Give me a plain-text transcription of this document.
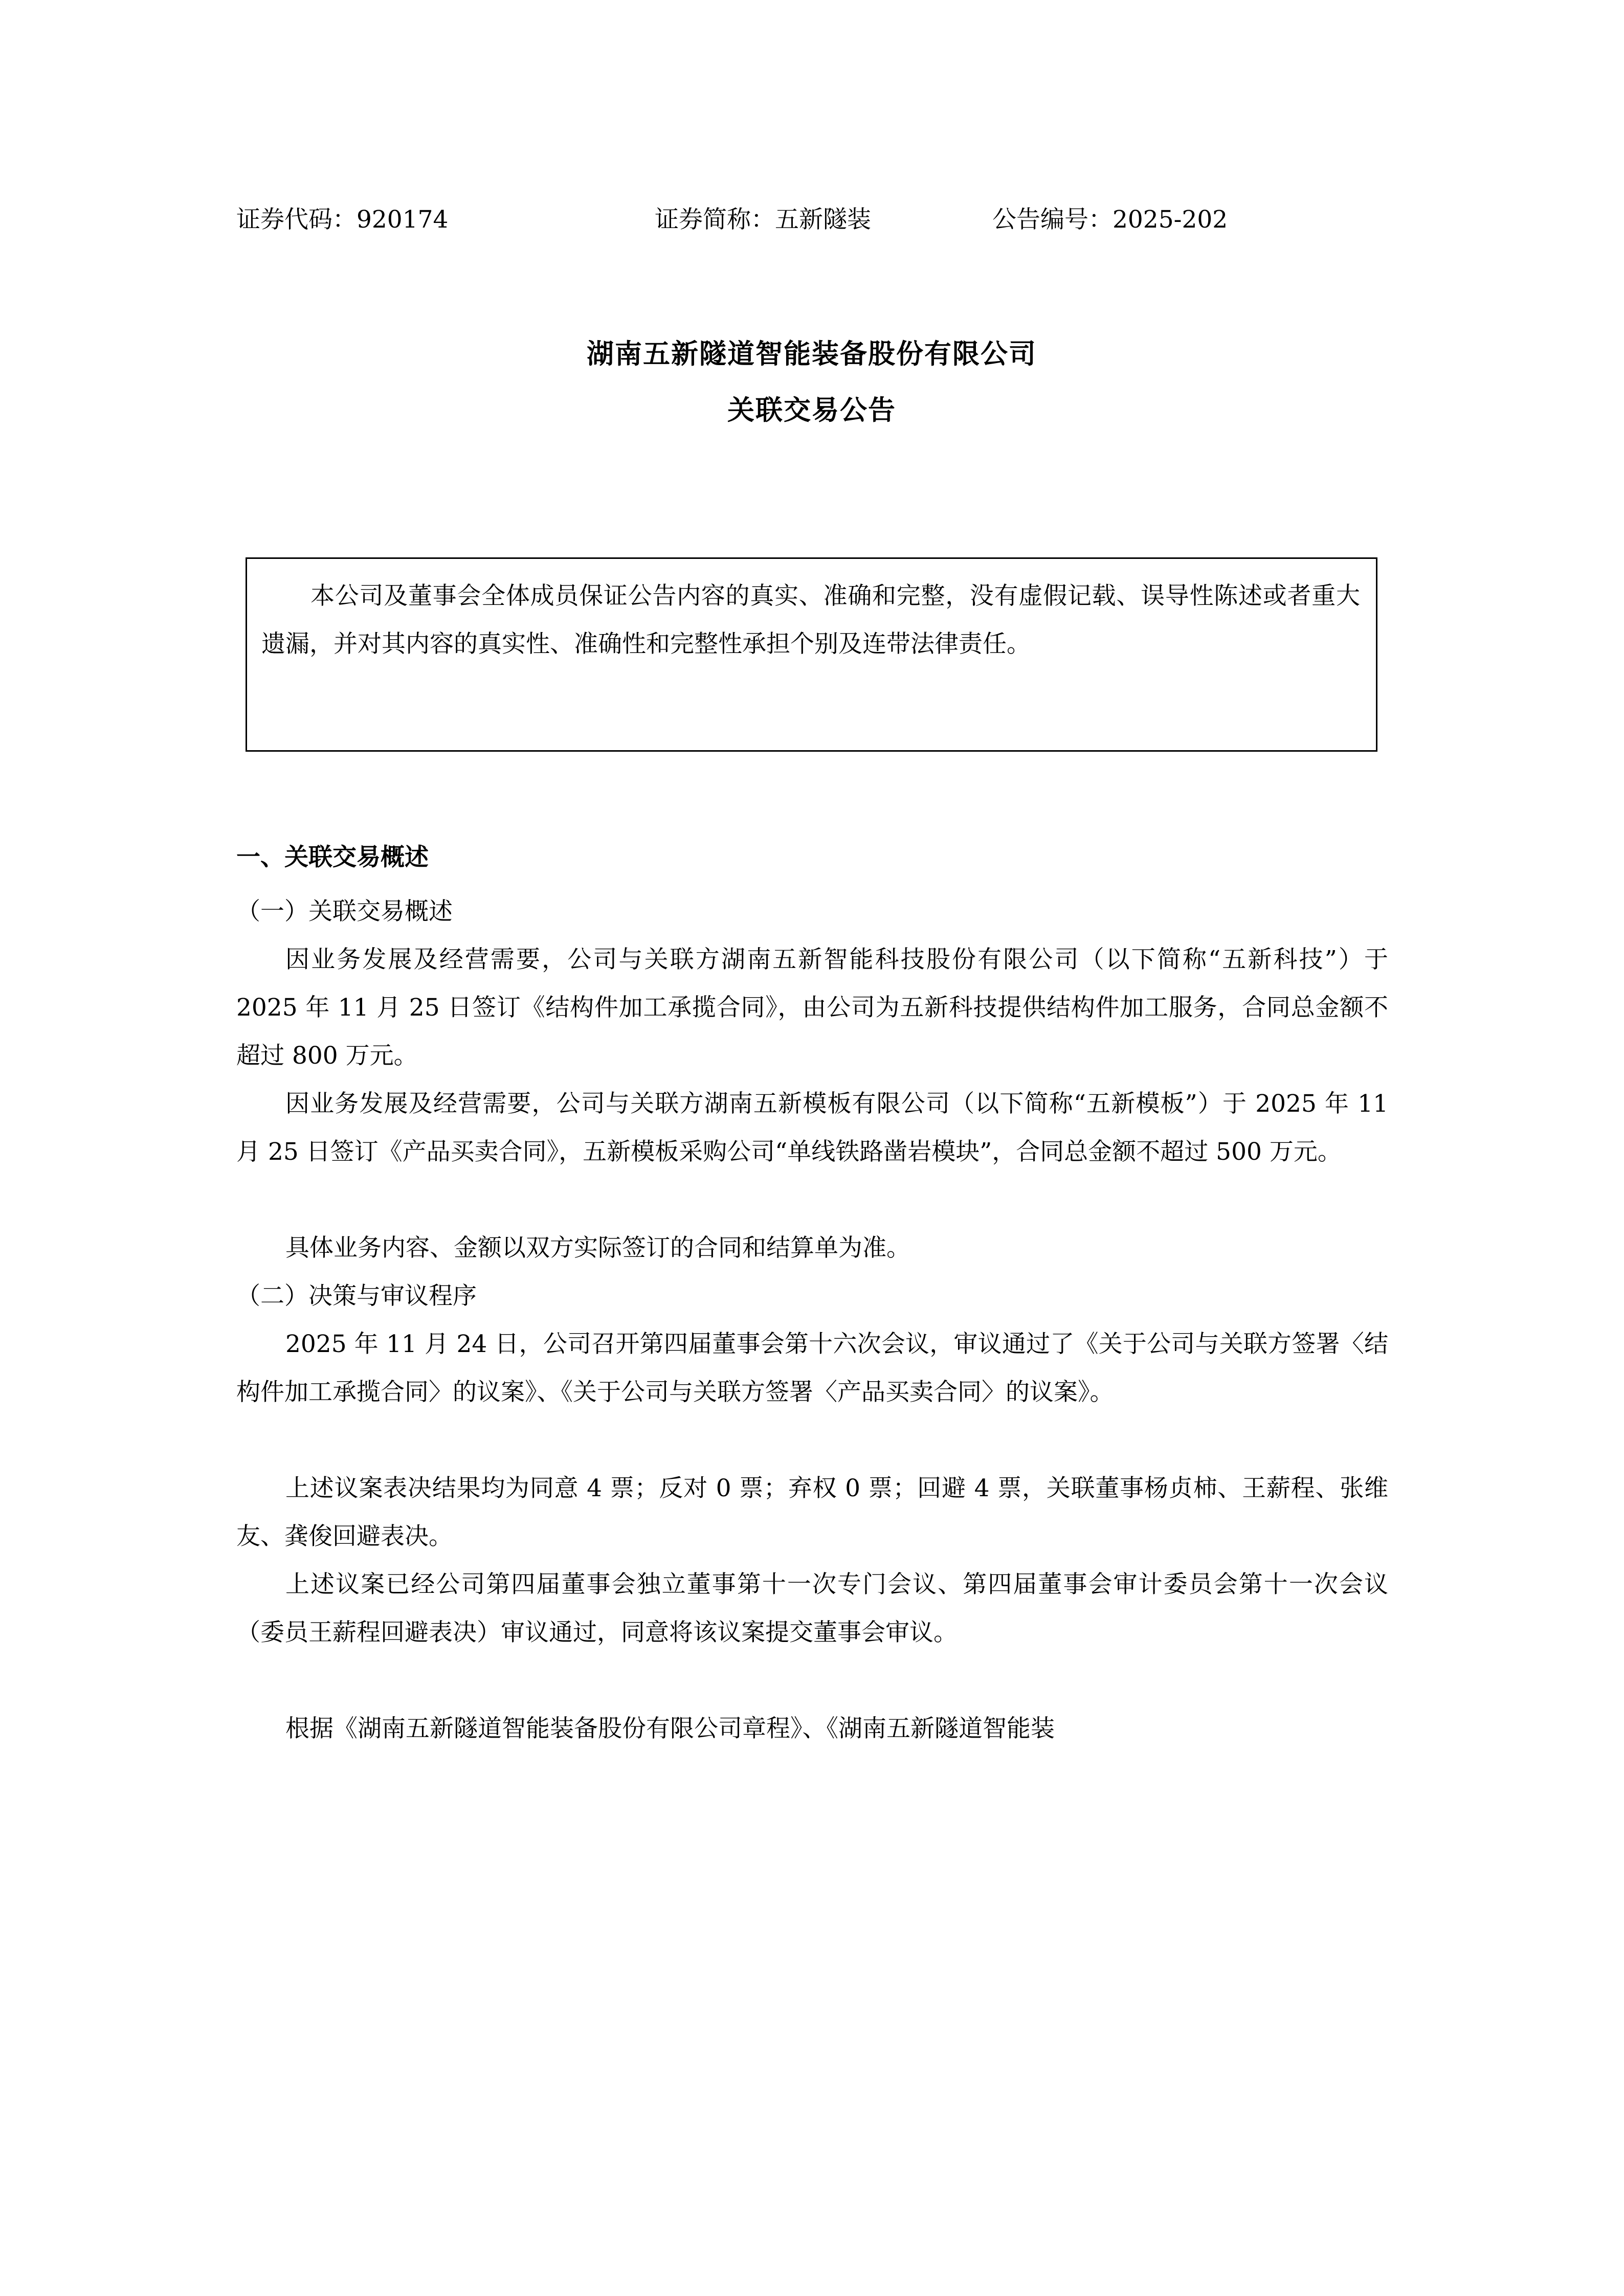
证券代码：920174	证券简称：五新隧装	公告编号：2025-202
湖南五新隧道智能装备股份有限公司
关联交易公告
本公司及董事会全体成员保证公告内容的真实、准确和完整，没有虚假记载、误导性陈述或者重大遗漏，并对其内容的真实性、准确性和完整性承担个别及连带法律责任。
一、关联交易概述
（一）关联交易概述
因业务发展及经营需要，公司与关联方湖南五新智能科技股份有限公司（以下简称“五新科技”）于 2025 年 11 月 25 日签订《结构件加工承揽合同》，由公司为五新科技提供结构件加工服务，合同总金额不超过 800 万元。
因业务发展及经营需要，公司与关联方湖南五新模板有限公司（以下简称“五新模板”）于 2025 年 11 月 25 日签订《产品买卖合同》，五新模板采购公司“单线铁路凿岩模块”，合同总金额不超过 500 万元。
具体业务内容、金额以双方实际签订的合同和结算单为准。
（二）决策与审议程序
2025 年 11 月 24 日，公司召开第四届董事会第十六次会议，审议通过了《关于公司与关联方签署〈结构件加工承揽合同〉的议案》、《关于公司与关联方签署〈产品买卖合同〉的议案》。
上述议案表决结果均为同意 4 票；反对 0 票；弃权 0 票；回避 4 票，关联董事杨贞柿、王薪程、张维友、龚俊回避表决。
上述议案已经公司第四届董事会独立董事第十一次专门会议、第四届董事会审计委员会第十一次会议（委员王薪程回避表决）审议通过，同意将该议案提交董事会审议。
根据《湖南五新隧道智能装备股份有限公司章程》、《湖南五新隧道智能装
